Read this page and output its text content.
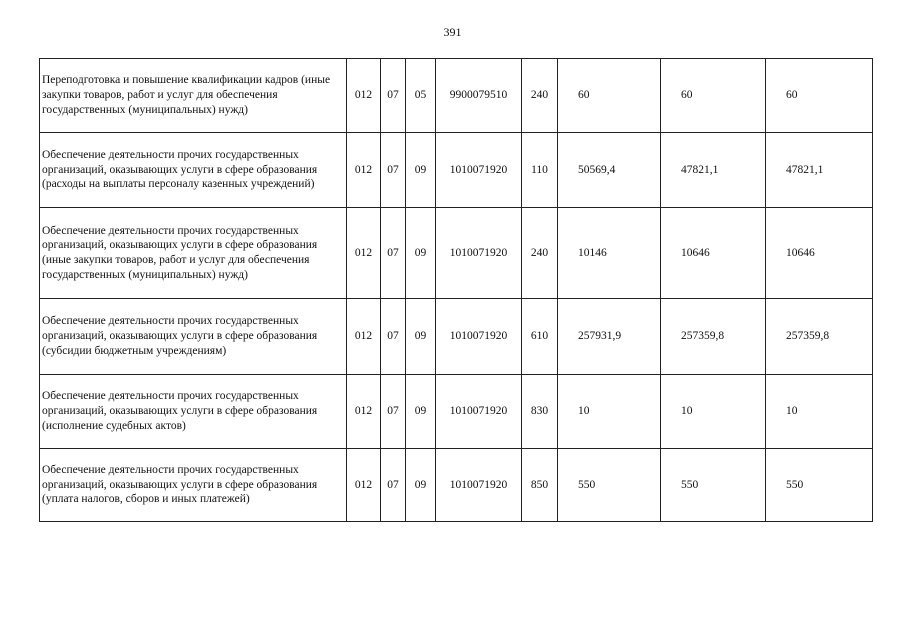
391
Переподготовка и повышение квалификации кадров (иные закупки товаров, работ и услуг для обеспечения государственных (муниципальных) нужд)	012	07	05	9900079510	240	60	60	60
Обеспечение деятельности прочих государственных организаций, оказывающих услуги в сфере образования (расходы на выплаты персоналу казенных учреждений)	012	07	09	1010071920	110	50569,4	47821,1	47821,1
Обеспечение деятельности прочих государственных организаций, оказывающих услуги в сфере образования (иные закупки товаров, работ и услуг для обеспечения государственных (муниципальных) нужд)	012	07	09	1010071920	240	10146	10646	10646
Обеспечение деятельности прочих государственных организаций, оказывающих услуги в сфере образования (субсидии бюджетным учреждениям)	012	07	09	1010071920	610	257931,9	257359,8	257359,8
Обеспечение деятельности прочих государственных организаций, оказывающих услуги в сфере образования (исполнение судебных актов)	012	07	09	1010071920	830	10	10	10
Обеспечение деятельности прочих государственных организаций, оказывающих услуги в сфере образования (уплата налогов, сборов и иных платежей)	012	07	09	1010071920	850	550	550	550
